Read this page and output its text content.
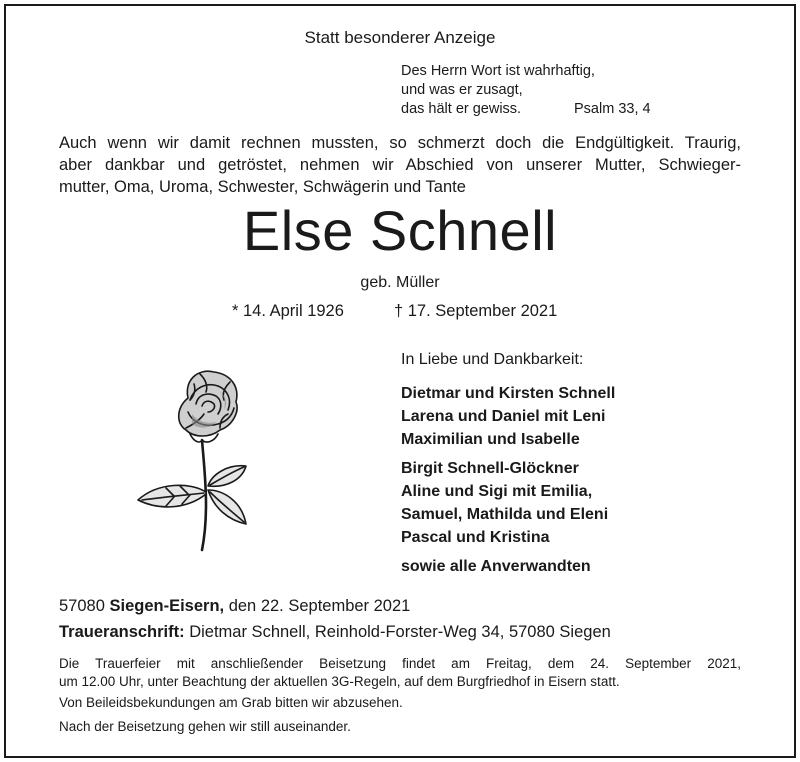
Statt besonderer Anzeige
Des Herrn Wort ist wahrhaftig,
und was er zusagt,
das hält er gewiss.	Psalm 33, 4
Auch wenn wir damit rechnen mussten, so schmerzt doch die Endgültigkeit. Traurig,
aber dankbar und getröstet, nehmen wir Abschied von unserer Mutter, Schwieger-
mutter, Oma, Uroma, Schwester, Schwägerin und Tante
Else Schnell
geb. Müller
* 14. April 1926	† 17. September 2021
In Liebe und Dankbarkeit:
Dietmar und Kirsten Schnell
Larena und Daniel mit Leni
Maximilian und Isabelle
Birgit Schnell-Glöckner
Aline und Sigi mit Emilia,
Samuel, Mathilda und Eleni
Pascal und Kristina
sowie alle Anverwandten
57080 Siegen-Eisern, den 22. September 2021
Traueranschrift: Dietmar Schnell, Reinhold-Forster-Weg 34, 57080 Siegen
Die Trauerfeier mit anschließender Beisetzung findet am Freitag, dem 24. September 2021,
um 12.00 Uhr, unter Beachtung der aktuellen 3G-Regeln, auf dem Burgfriedhof in Eisern statt.
Von Beileidsbekundungen am Grab bitten wir abzusehen.
Nach der Beisetzung gehen wir still auseinander.
